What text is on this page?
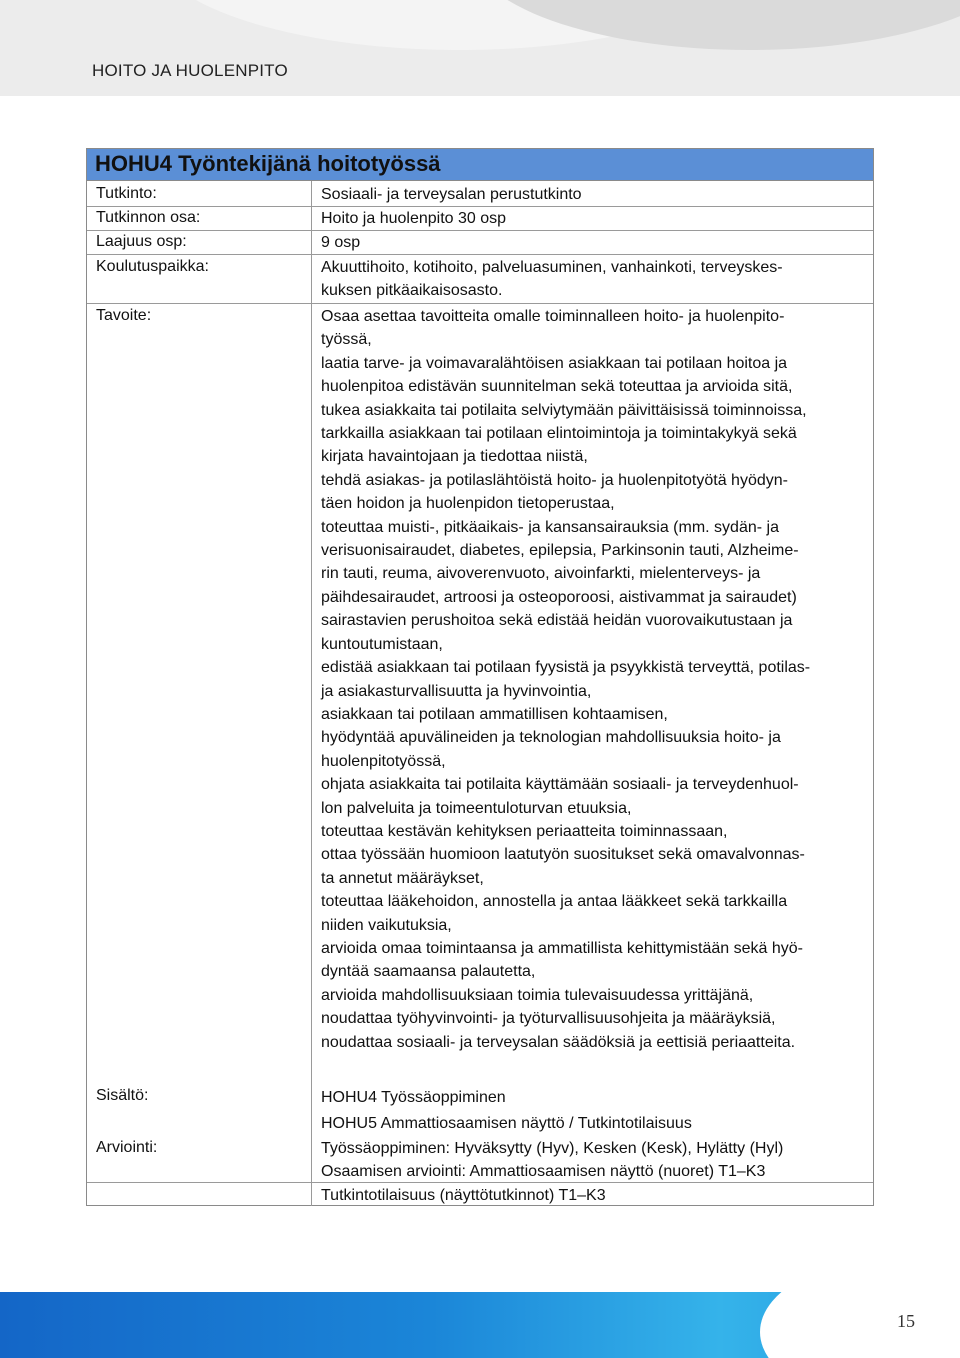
HOITO JA HUOLENPITO
HOHU4 Työntekijänä hoitotyössä
Tutkinto:	Sosiaali- ja terveysalan perustutkinto
Tutkinnon osa:	Hoito ja huolenpito 30 osp
Laajuus osp:	9 osp
Koulutuspaikka:	Akuuttihoito, kotihoito, palveluasuminen, vanhainkoti, terveyskes-
kuksen pitkäaikaisosasto.
Tavoite:	Osaa asettaa tavoitteita omalle toiminnalleen hoito- ja huolenpito-
työssä,
laatia tarve- ja voimavaralähtöisen asiakkaan tai potilaan hoitoa ja
huolenpitoa edistävän suunnitelman sekä toteuttaa ja arvioida sitä,
tukea asiakkaita tai potilaita selviytymään päivittäisissä toiminnoissa,
tarkkailla asiakkaan tai potilaan elintoimintoja ja toimintakykyä sekä
kirjata havaintojaan ja tiedottaa niistä,
tehdä asiakas- ja potilaslähtöistä hoito- ja huolenpitotyötä hyödyn-
täen hoidon ja huolenpidon tietoperustaa,
toteuttaa muisti-, pitkäaikais- ja kansansairauksia (mm. sydän- ja
verisuonisairaudet, diabetes, epilepsia, Parkinsonin tauti, Alzheime-
rin tauti, reuma, aivoverenvuoto, aivoinfarkti, mielenterveys- ja
päihdesairaudet, artroosi ja osteoporoosi, aistivammat ja sairaudet)
sairastavien perushoitoa sekä edistää heidän vuorovaikutustaan ja
kuntoutumistaan,
edistää asiakkaan tai potilaan fyysistä ja psyykkistä terveyttä, potilas-
ja asiakasturvallisuutta ja hyvinvointia,
asiakkaan tai potilaan ammatillisen kohtaamisen,
hyödyntää apuvälineiden ja teknologian mahdollisuuksia hoito- ja
huolenpitotyössä,
ohjata asiakkaita tai potilaita käyttämään sosiaali- ja terveydenhuol-
lon palveluita ja toimeentuloturvan etuuksia,
toteuttaa kestävän kehityksen periaatteita toiminnassaan,
ottaa työssään huomioon laatutyön suositukset sekä omavalvonnas-
ta annetut määräykset,
toteuttaa lääkehoidon, annostella ja antaa lääkkeet sekä tarkkailla
niiden vaikutuksia,
arvioida omaa toimintaansa ja ammatillista kehittymistään sekä hyö-
dyntää saamaansa palautetta,
arvioida mahdollisuuksiaan toimia tulevaisuudessa yrittäjänä,
noudattaa työhyvinvointi- ja työturvallisuusohjeita ja määräyksiä,
noudattaa sosiaali- ja terveysalan säädöksiä ja eettisiä periaatteita.
Sisältö:	HOHU4 Työssäoppiminen
HOHU5 Ammattiosaamisen näyttö / Tutkintotilaisuus
Arviointi:	Työssäoppiminen: Hyväksytty (Hyv), Kesken (Kesk), Hylätty (Hyl)
Osaamisen arviointi: Ammattiosaamisen näyttö (nuoret) T1–K3
Tutkintotilaisuus (näyttötutkinnot) T1–K3
15
